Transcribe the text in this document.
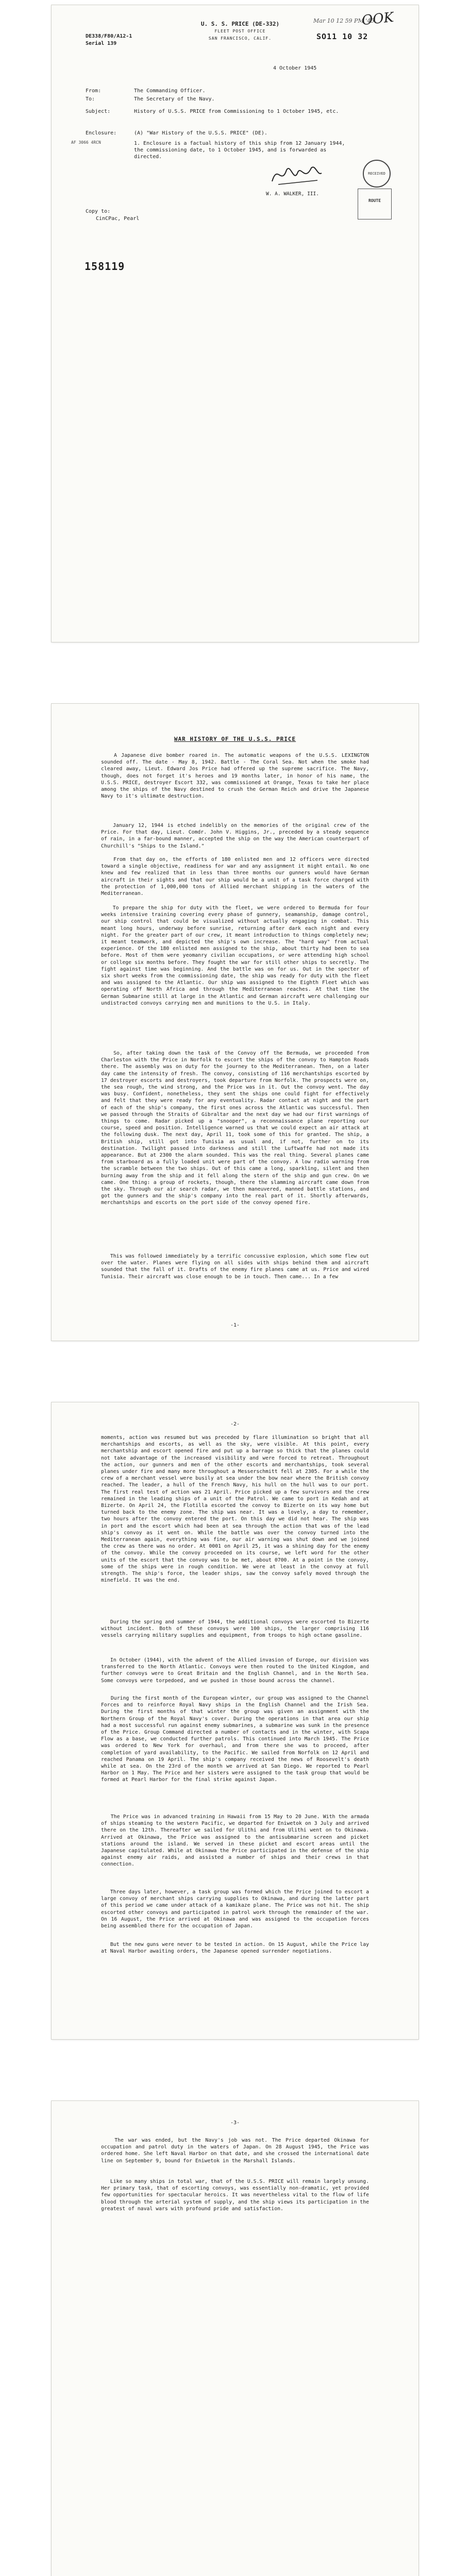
Mar 10 12 59 PM '45
OOK
SO11 10 32
DE338/F80/A12-1
Serial 139
U. S. S. PRICE (DE-332)
FLEET POST OFFICE
SAN FRANCISCO, CALIF.
4 October 1945
From:	The Commanding Officer.
To:	The Secretary of the Navy.
Subject:	History of U.S.S. PRICE from Commissioning to 1 October 1945, etc.
Enclosure:	(A) "War History of the U.S.S. PRICE" (DE).
AF 3066 4RCN	1. Enclosure is a factual history of this ship from 12 January 1944, the commissioning date, to 1 October 1945, and is forwarded as directed.
W. A. WALKER, III.
RECEIVED
ROUTE
Copy to:
CinCPac, Pearl
158119
WAR HISTORY OF THE U.S.S. PRICE
A Japanese dive bomber roared in. The automatic weapons of the U.S.S. LEXINGTON sounded off. The date - May 8, 1942. Battle - The Coral Sea. Not when the smoke had cleared away, Lieut. Edward Jos Price had offered up the supreme sacrifice. The Navy, though, does not forget it's heroes and 19 months later, in honor of his name, the U.S.S. PRICE, destroyer Escort 332, was commissioned at Orange, Texas to take her place among the ships of the Navy destined to crush the German Reich and drive the Japanese Navy to it's ultimate destruction.
January 12, 1944 is etched indelibly on the memories of the original crew of the Price. For that day, Lieut. Comdr. John V. Higgins, Jr., preceded by a steady sequence of rain, in a far-bound manner, accepted the ship on the way the American counterpart of Churchill's "Ships to the Island."
From that day on, the efforts of 180 enlisted men and 12 officers were directed toward a single objective, readiness for war and any assignment it might entail. No one knew and few realized that in less than three months our gunners would have German aircraft in their sights and that our ship would be a unit of a task force charged with the protection of 1,000,000 tons of Allied merchant shipping in the waters of the Mediterranean.
To prepare the ship for duty with the fleet, we were ordered to Bermuda for four weeks intensive training covering every phase of gunnery, seamanship, damage control, our ship control that could be visualized without actually engaging in combat. This meant long hours, underway before sunrise, returning after dark each night and every night. For the greater part of our crew, it meant introduction to things completely new; it meant teamwork, and depicted the ship's own increase. The "hard way" from actual experience. Of the 180 enlisted men assigned to the ship, about thirty had been to sea before. Most of them were yeomanry civilian occupations, or were attending high school or college six months before. They fought the war for still other ships to secretly. The fight against time was beginning. And the battle was on for us. Out in the specter of six short weeks from the commissioning date, the ship was ready for duty with the fleet and was assigned to the Atlantic. Our ship was assigned to the Eighth Fleet which was operating off North Africa and through the Mediterranean reaches. At that time the German Submarine still at large in the Atlantic and German aircraft were challenging our undistracted convoys carrying men and munitions to the U.S. in Italy.
So, after taking down the task of the Convoy off the Bermuda, we proceeded from Charleston with the Price in Norfolk to escort the ships of the convoy to Hampton Roads there. The assembly was on duty for the journey to the Mediterranean. Then, on a later day came the intensity of fresh. The convoy, consisting of 116 merchantships escorted by 17 destroyer escorts and destroyers, took departure from Norfolk. The prospects were on, the sea rough, the wind strong, and the Price was in it. Out the convoy went. The day was busy. Confident, nonetheless, they sent the ships one could fight for effectively and felt that they were ready for any eventuality. Radar contact at night and the part of each of the ship's company, the first ones across the Atlantic was successful. Then we passed through the Straits of Gibraltar and the next day we had our first warnings of things to come. Radar picked up a "snooper", a reconnaissance plane reporting our course, speed and position. Intelligence warned us that we could expect an air attack at the following dusk. The next day, April 11, took some of this for granted. The ship, a British ship, still got into Tunisia as usual and, if not, further on to its destination. Twilight passed into darkness and still the Luftwaffe had not made its appearance. But at 2300 the alarm sounded. This was the real thing. Several planes came from starboard as a fully loaded unit were part of the convoy. A low radio warning from the scramble between the two ships. Out of this came a long, sparkling, silent and then burning away from the ship and it fell along the stern of the ship and gun crew. On we came. One thing: a group of rockets, though, there the slamming aircraft came down from the sky. Through our air search radar, we then maneuvered, manned battle stations, and got the gunners and the ship's company into the real part of it. Shortly afterwards, merchantships and escorts on the port side of the convoy opened fire.
This was followed immediately by a terrific concussive explosion, which some flew out over the water. Planes were flying on all sides with ships behind them and aircraft sounded that the fall of it. Drafts of the enemy fire planes came at us. Price and wired Tunisia. Their aircraft was close enough to be in touch. Then came... In a few
-1-
-2-
moments, action was resumed but was preceded by flare illumination so bright that all merchantships and escorts, as well as the sky, were visible. At this point, every merchantship and escort opened fire and put up a barrage so thick that the planes could not take advantage of the increased visibility and were forced to retreat. Throughout the action, our gunners and men of the other escorts and merchantships, took several planes under fire and many more throughout a Messerschmitt fell at 2305. For a while the crew of a merchant vessel were busily at sea under the bow near where the British convoy reached. The leader, a hull of the French Navy, his hull on the hull was to our port. The first real test of action was 21 April. Price picked up a few survivors and the crew remained in the leading ships of a unit of the Patrol. We came to port in Kedah and at Bizerte. On April 24, the Flotilla escorted the convoy to Bizerte on its way home but turned back to the enemy zone. The ship was near. It was a lovely, a day to remember, two hours after the convoy entered the port. On this day we did not hear. The ship was in port and the escort which had been at sea through the action that was of the lead ship's convoy as it went on. While the battle was over the convoy turned into the Mediterranean again, everything was fine, our air warning was shut down and we joined the crew as there was no order. At 0001 on April 25, it was a shining day for the enemy of the convoy. While the convoy proceeded on its course, we left word for the other units of the escort that the convoy was to be met, about 0700. At a point in the convoy, some of the ships were in rough condition. We were at least in the convoy at full strength. The ship's force, the leader ships, saw the convoy safely moved through the minefield. It was the end.
During the spring and summer of 1944, the additional convoys were escorted to Bizerte without incident. Both of these convoys were 100 ships, the larger comprising 116 vessels carrying military supplies and equipment, from troops to high octane gasoline.
In October (1944), with the advent of the Allied invasion of Europe, our division was transferred to the North Atlantic. Convoys were then routed to the United Kingdom, and further convoys were to Great Britain and the English Channel, and in the North Sea. Some convoys were torpedoed, and we pushed in those bound across the channel.
During the first month of the European winter, our group was assigned to the Channel Forces and to reinforce Royal Navy ships in the English Channel and the Irish Sea. During the first months of that winter the group was given an assignment with the Northern Group of the Royal Navy's cover. During the operations in that area our ship had a most successful run against enemy submarines, a submarine was sunk in the presence of the Price. Group Command directed a number of contacts and in the winter, with Scapa Flow as a base, we conducted further patrols. This continued into March 1945. The Price was ordered to New York for overhaul, and from there she was to proceed, after completion of yard availability, to the Pacific. We sailed from Norfolk on 12 April and reached Panama on 19 April. The ship's company received the news of Roosevelt's death while at sea. On the 23rd of the month we arrived at San Diego. We reported to Pearl Harbor on 1 May. The Price and her sisters were assigned to the task group that would be formed at Pearl Harbor for the final strike against Japan.
The Price was in advanced training in Hawaii from 15 May to 20 June. With the armada of ships steaming to the western Pacific, we departed for Eniwetok on 3 July and arrived there on the 12th. Thereafter we sailed for Ulithi and from Ulithi went on to Okinawa. Arrived at Okinawa, the Price was assigned to the antisubmarine screen and picket stations around the island. We served in these picket and escort areas until the Japanese capitulated. While at Okinawa the Price participated in the defense of the ship against enemy air raids, and assisted a number of ships and their crews in that connection.
Three days later, however, a task group was formed which the Price joined to escort a large convoy of merchant ships carrying supplies to Okinawa, and during the latter part of this period we came under attack of a kamikaze plane. The Price was not hit. The ship escorted other convoys and participated in patrol work through the remainder of the war. On 16 August, the Price arrived at Okinawa and was assigned to the occupation forces being assembled there for the occupation of Japan.
But the new guns were never to be tested in action. On 15 August, while the Price lay at Naval Harbor awaiting orders, the Japanese opened surrender negotiations.
-3-
The war was ended, but the Navy's job was not. The Price departed Okinawa for occupation and patrol duty in the waters of Japan. On 28 August 1945, the Price was ordered home. She left Naval Harbor on that date, and she crossed the international date line on September 9, bound for Eniwetok in the Marshall Islands.
Like so many ships in total war, that of the U.S.S. PRICE will remain largely unsung. Her primary task, that of escorting convoys, was essentially non-dramatic, yet provided few opportunities for spectacular heroics. It was nevertheless vital to the flow of life blood through the arterial system of supply, and the ship views its participation in the greatest of naval wars with profound pride and satisfaction.
